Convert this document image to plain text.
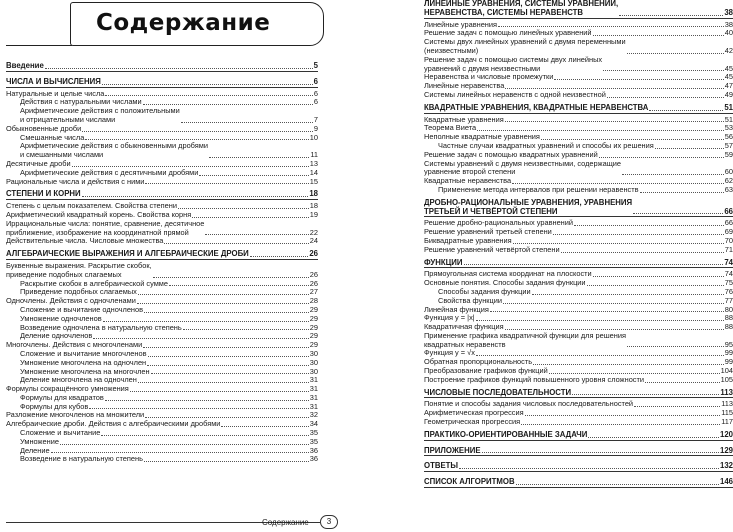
Содержание
Введение	5
ЧИСЛА И ВЫЧИСЛЕНИЯ	6
Натуральные и целые числа	6
Действия с натуральными числами	6
Арифметические действия с положительными
и отрицательными числами	7
Обыкновенные дроби	9
Смешанные числа	10
Арифметические действия с обыкновенными дробями
и смешанными числами	11
Десятичные дроби	13
Арифметические действия с десятичными дробями	14
Рациональные числа и действия с ними	15
СТЕПЕНИ И КОРНИ	18
Степень с целым показателем. Свойства степени	18
Арифметический квадратный корень. Свойства корня	19
Иррациональные числа: понятие, сравнение, десятичное
приближение, изображение на координатной прямой	22
Действительные числа. Числовые множества	24
АЛГЕБРАИЧЕСКИЕ ВЫРАЖЕНИЯ И АЛГЕБРАИЧЕСКИЕ ДРОБИ	26
Буквенные выражения. Раскрытие скобок,
приведение подобных слагаемых	26
Раскрытие скобок в алгебраической сумме	26
Приведение подобных слагаемых	27
Одночлены. Действия с одночленами	28
Сложение и вычитание одночленов	29
Умножение одночленов	29
Возведение одночлена в натуральную степень	29
Деление одночленов	29
Многочлены. Действия с многочленами	29
Сложение и вычитание многочленов	30
Умножение многочлена на одночлен	30
Умножение многочлена на многочлен	30
Деление многочлена на одночлен	31
Формулы сокращённого умножения	31
Формулы для квадратов	31
Формулы для кубов	31
Разложение многочленов на множители	32
Алгебраические дроби. Действия с алгебраическими дробями	34
Сложение и вычитание	35
Умножение	35
Деление	36
Возведение в натуральную степень	36
ЛИНЕЙНЫЕ УРАВНЕНИЯ, СИСТЕМЫ УРАВНЕНИЙ,
НЕРАВЕНСТВА, СИСТЕМЫ НЕРАВЕНСТВ	38
Линейные уравнения	38
Решение задач с помощью линейных уравнений	40
Системы двух линейных уравнений с двумя переменными
(неизвестными)	42
Решение задач с помощью системы двух линейных
уравнений с двумя неизвестными	45
Неравенства и числовые промежутки	45
Линейные неравенства	47
Системы линейных неравенств с одной неизвестной	49
КВАДРАТНЫЕ УРАВНЕНИЯ, КВАДРАТНЫЕ НЕРАВЕНСТВА	51
Квадратные уравнения	51
Теорема Виета	53
Неполные квадратные уравнения	56
Частные случаи квадратных уравнений и способы их решения	57
Решение задач с помощью квадратных уравнений	59
Системы уравнений с двумя неизвестными, содержащие
уравнение второй степени	60
Квадратные неравенства	62
Применение метода интервалов при решении неравенств	63
ДРОБНО-РАЦИОНАЛЬНЫЕ УРАВНЕНИЯ, УРАВНЕНИЯ
ТРЕТЬЕЙ И ЧЕТВЁРТОЙ СТЕПЕНИ	66
Решение дробно-рациональных уравнений	66
Решение уравнений третьей степени	69
Биквадратные уравнения	70
Решение уравнений четвёртой степени	71
ФУНКЦИИ	74
Прямоугольная система координат на плоскости	74
Основные понятия. Способы задания функции	75
Способы задания функции	76
Свойства функции	77
Линейная функция	80
Функция y = |x|	88
Квадратичная функция	88
Применение графика квадратичной функции для решения
квадратных неравенств	95
Функция y = √x	99
Обратная пропорциональность	99
Преобразование графиков функций	104
Построение графиков функций повышенного уровня сложности	105
ЧИСЛОВЫЕ ПОСЛЕДОВАТЕЛЬНОСТИ	113
Понятие и способы задания числовых последовательностей	113
Арифметическая прогрессия	115
Геометрическая прогрессия	117
ПРАКТИКО-ОРИЕНТИРОВАННЫЕ ЗАДАЧИ	120
ПРИЛОЖЕНИЕ	129
ОТВЕТЫ	132
СПИСОК АЛГОРИТМОВ	146
Содержание	3
